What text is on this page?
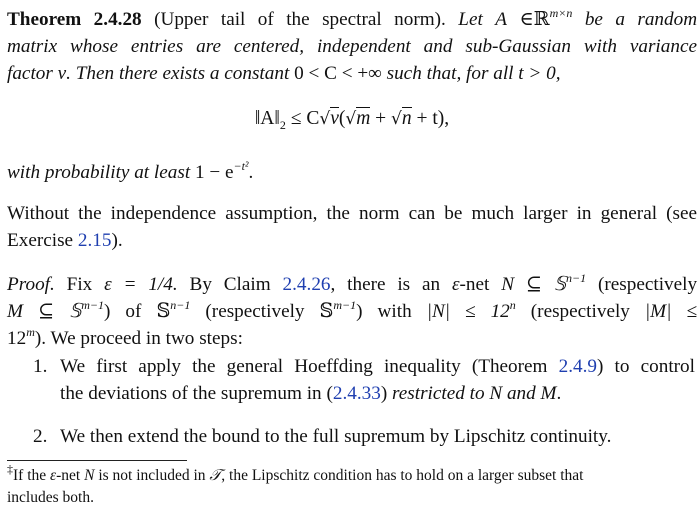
Theorem 2.4.28 (Upper tail of the spectral norm). Let A ∈ℝ$^{m\times n}$ be a random
matrix whose entries are centered, independent and sub-Gaussian with variance
factor ν. Then there exists a constant 0 < C < +∞ such that, for all t > 0,
$‖A‖_2 \le C√\nu(√m + √n + t)$,
with probability at least $1 - e^{-t^2}$.
Without the independence assumption, the norm can be much larger in general (see
Exercise 2.15).
Proof. Fix ε = 1/4. By Claim 2.4.26, there is an ε-net N ⊆ 𝕊$^{n-1}$ (respectively
M ⊆ 𝕊$^{m-1}$) of 𝕊$^{n-1}$ (respectively 𝕊$^{m-1}$) with $|N| \le 12^n$ (respectively |M| ≤
$12^m$). We proceed in two steps:
1. We first apply the general Hoeffding inequality (Theorem 2.4.9) to control
the deviations of the supremum in (2.4.33) restricted to N and M.
2. We then extend the bound to the full supremum by Lipschitz continuity.
‡If the ε-net N is not included in 𝒯, the Lipschitz condition has to hold on a larger subset that
includes both.
